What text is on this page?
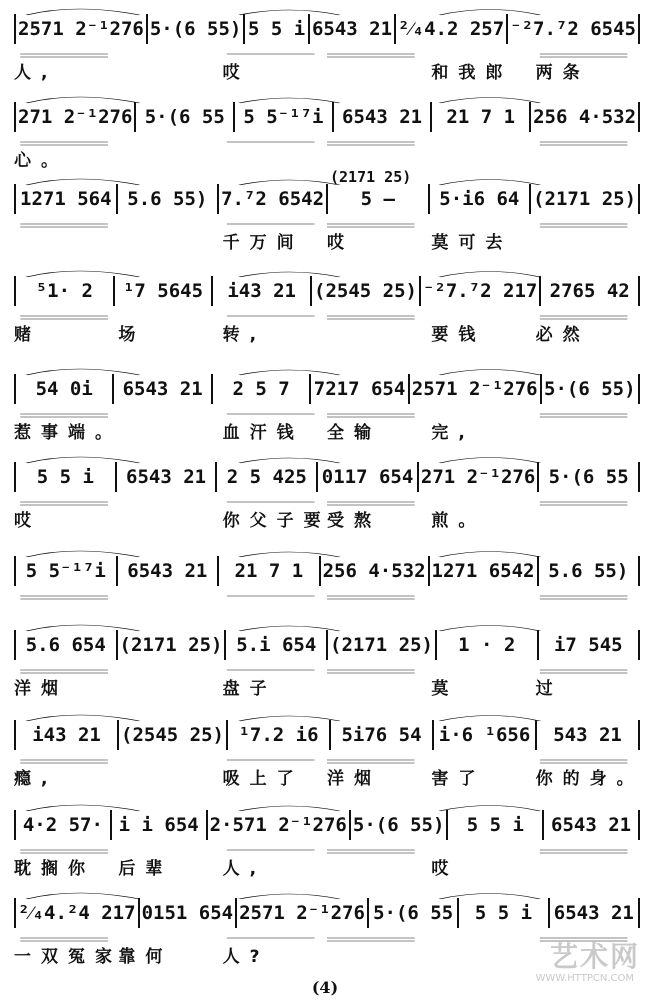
2571 2⁻¹276 5·(6 55) 5 5 i 6543 21 ²⁄₄4.2 257 ⁻²7.⁷2 6545
人,	哎	和我郎 两条
271 2⁻¹276 5·(6 55 5 5⁻¹⁷i 6543 21 21 7 1 256 4·532
心。
(2171 25)
1271 564 5.6 55) 7.⁷2 6542 5 — 5·i6 64 (2171 25)
千万间 哎	莫可去
⁵1· 2 ¹7 5645 i43 21 (2545 25) ⁻²7.⁷2 217 2765 42
赌	场	转,	要钱	必然
54 0i 6543 21 2 5 7 7217 654 2571 2⁻¹276 5·(6 55)
惹事端。	血汗钱 全输	完,
5 5 i 6543 21 2 5 425 0117 654 271 2⁻¹276 5·(6 55
哎	你父子要
受熬	煎。
5 5⁻¹⁷i 6543 21 21 7 1 256 4·532 1271 6542 5.6 55)
5.6 654 (2171 25) 5.i 654 (2171 25) 1 · 2 i7 545
洋烟	盘子	莫	过
i43 21 (2545 25) ¹7.2 i6 5i76 54 i·6 ¹656 543 21
瘾,	吸上了 洋烟	害了	你的身。
4·2 57· i i 654 2·571 2⁻¹276 5·(6 55) 5 5 i 6543 21
耽搁你 后辈	人,	哎
²⁄₄4.²4 217 0151 654 2571 2⁻¹276 5·(6 55 5 5 i 6543 21
一双冤家
靠何	人?
(4)
艺术网
WWW.HTTPCN.COM
